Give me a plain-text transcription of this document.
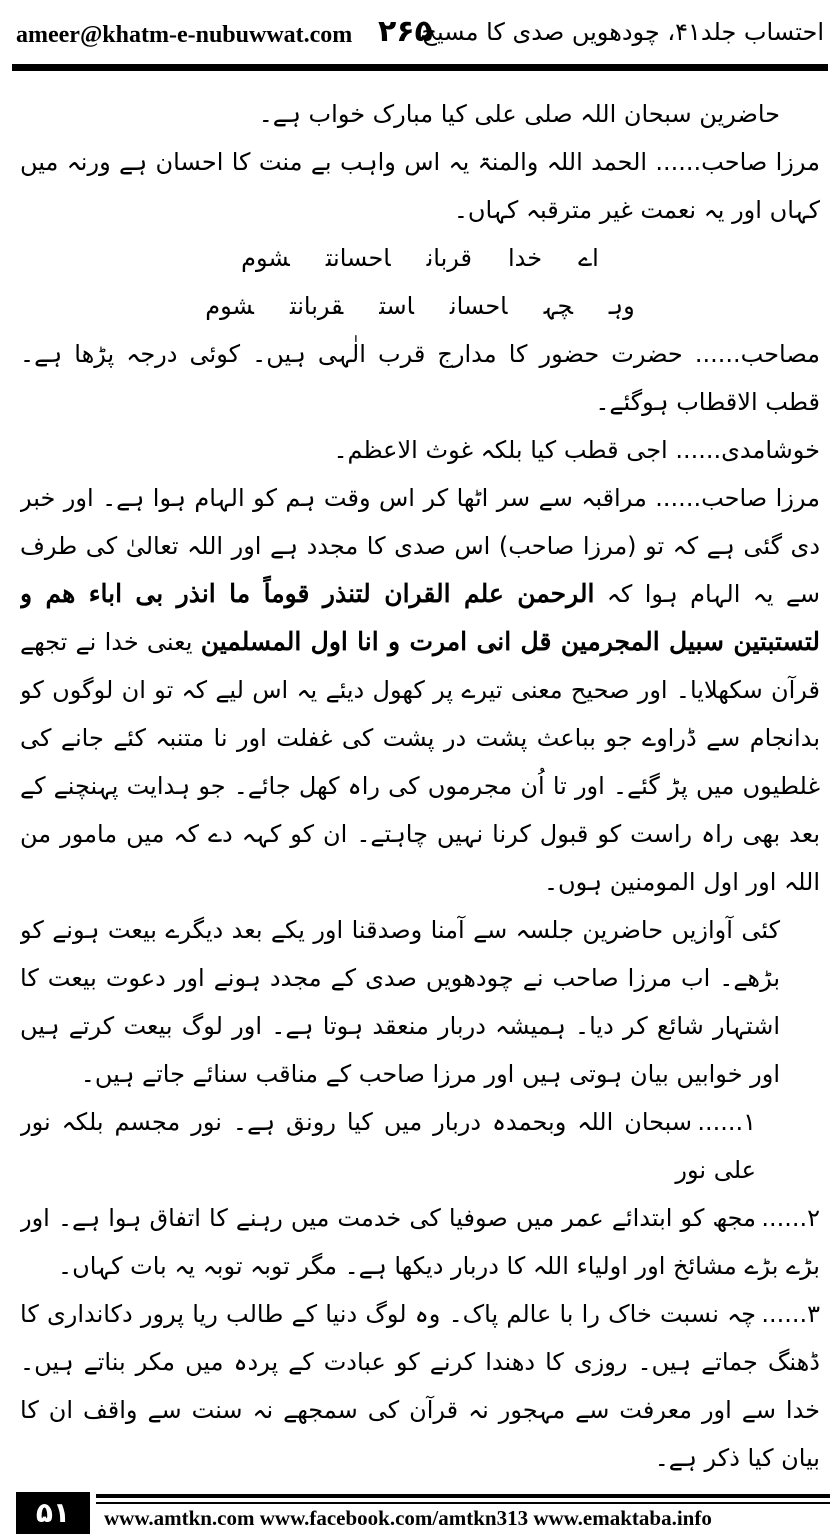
ameer@khatm-e-nubuwwat.com ۲۶۵
احتساب جلد۴۱، چودھویں صدی کا مسیح

حاضرین سبحان اللہ صلی علی کیا مبارک خواب ہے۔

مرزا صاحب...... الحمد اللہ والمنۃ یہ اس واہب بے منت کا احسان ہے ورنہ میں کہاں اور یہ نعمت غیر مترقبہ کہاں۔

اےخداقرباناحسانتشوم

وہچہاحساناستقربانتشوم

مصاحب...... حضرت حضور کا مدارج قرب الٰہی ہیں۔ کوئی درجہ پڑھا ہے۔ قطب الاقطاب ہوگئے۔

خوشامدی...... اجی قطب کیا بلکہ غوث الاعظم۔

مرزا صاحب...... مراقبہ سے سر اٹھا کر اس وقت ہم کو الہام ہوا ہے۔ اور خبر دی گئی ہے کہ تو (مرزا صاحب) اس صدی کا مجدد ہے اور اللہ تعالیٰ کی طرف سے یہ الہام ہوا کہ الرحمن علم القران لتنذر قوماً ما انذر بی اباء هم و لتستبتین سبیل المجرمین قل انی امرت و انا اول المسلمین یعنی خدا نے تجھے قرآن سکھلایا۔ اور صحیح معنی تیرے پر کھول دیئے یہ اس لیے کہ تو ان لوگوں کو بدانجام سے ڈراوے جو بباعث پشت در پشت کی غفلت اور نا متنبہ کئے جانے کی غلطیوں میں پڑ گئے۔ اور تا اُن مجرموں کی راہ کھل جائے۔ جو ہدایت پہنچنے کے بعد بھی راہ راست کو قبول کرنا نہیں چاہتے۔ ان کو کہہ دے کہ میں مامور من اللہ اور اول المومنین ہوں۔

کئی آوازیں حاضرین جلسہ سے آمنا وصدقنا اور یکے بعد دیگرے بیعت ہونے کو بڑھے۔ اب مرزا صاحب نے چودھویں صدی کے مجدد ہونے اور دعوت بیعت کا اشتہار شائع کر دیا۔ ہمیشہ دربار منعقد ہوتا ہے۔ اور لوگ بیعت کرتے ہیں اور خوابیں بیان ہوتی ہیں اور مرزا صاحب کے مناقب سنائے جاتے ہیں۔

۱......سبحان اللہ وبحمدہ دربار میں کیا رونق ہے۔ نور مجسم بلکہ نور علی نور

۲......مجھ کو ابتدائے عمر میں صوفیا کی خدمت میں رہنے کا اتفاق ہوا ہے۔ اور بڑے بڑے مشائخ اور اولیاء اللہ کا دربار دیکھا ہے۔ مگر توبہ توبہ یہ بات کہاں۔

۳......چہ نسبت خاک را با عالم پاک۔ وہ لوگ دنیا کے طالب ریا پرور دکانداری کا ڈھنگ جماتے ہیں۔ روزی کا دھندا کرنے کو عبادت کے پردہ میں مکر بناتے ہیں۔ خدا سے اور معرفت سے مہجور نہ قرآن کی سمجھے نہ سنت سے واقف ان کا بیان کیا ذکر ہے۔

۵۱	www.amtkn.com www.facebook.com/amtkn313 www.emaktaba.info
